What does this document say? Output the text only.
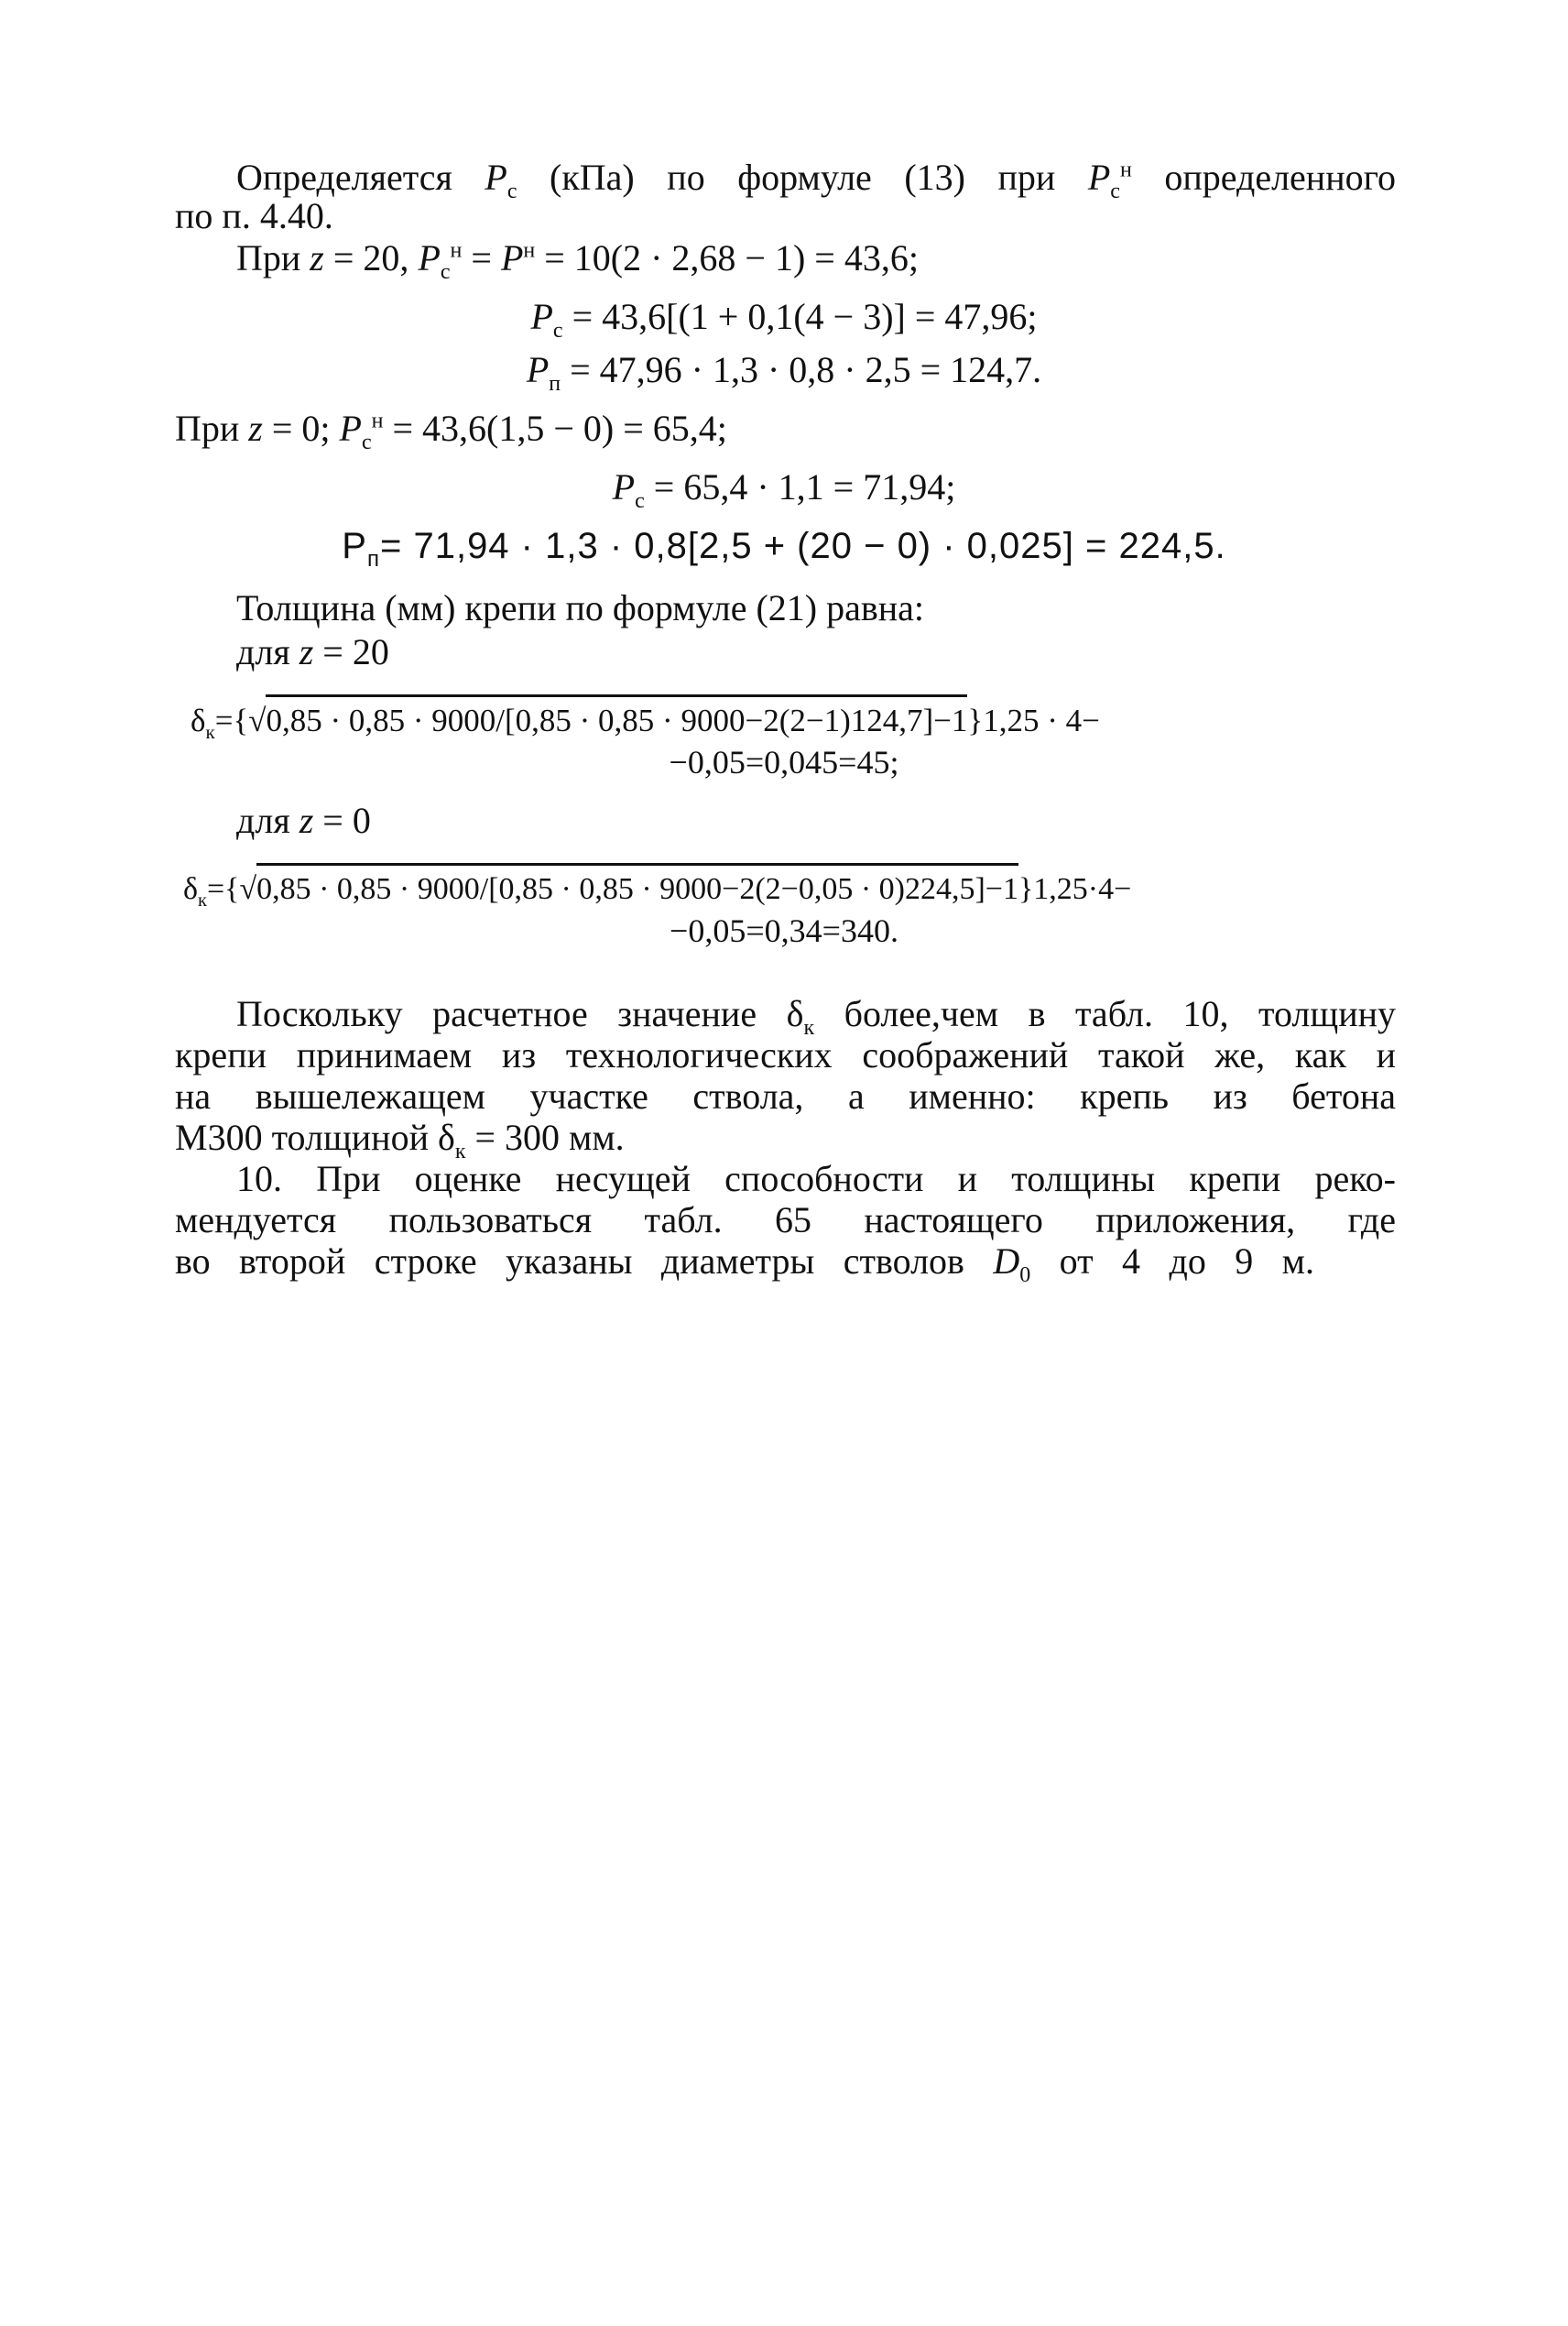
Определяется $P_c$ (кПа) по формуле (13) при $P_c^н$ определенного
по п. 4.40.
При z = 20, $P_c^н = P^н = 10(2 \cdot 2,68 - 1) = 43,6$;
$P_c = 43,6[(1 + 0,1(4 - 3)] = 47,96$;
$P_п = 47,96 \cdot 1,3 \cdot 0,8 \cdot 2,5 = 124,7$.
При z = 0; $P_c^н = 43,6(1,5 - 0) = 65,4$;
$P_c = 65,4 \cdot 1,1 = 71,94$;
$P_п= 71,94 \cdot 1,3 \cdot 0,8[2,5 + (20 - 0) \cdot 0,025] = 224,5$.
Толщина (мм) крепи по формуле (21) равна:
для z = 20
$\delta_к=\{√0,85 \cdot 0,85 \cdot 9000/[0,85 \cdot 0,85 \cdot 9000-2(2-1)124,7]-1\}1,25 \cdot 4-$
−0,05=0,045=45;
для z = 0
$\delta_к=\{√0,85 \cdot 0,85 \cdot 9000/[0,85 \cdot 0,85 \cdot 9000-2(2-0,05 \cdot 0)224,5]-1\}1,25\cdot 4-$
−0,05=0,34=340.
Поскольку расчетное значение $\delta_к$ более,чем в табл. 10, толщину
крепи принимаем из технологических соображений такой же, как и
на вышележащем участке ствола, а именно: крепь из бетона
М300 толщиной $\delta_к = 300$ мм.
10. При оценке несущей способности и толщины крепи реко-
мендуется пользоваться табл. 65 настоящего приложения, где
во второй строке указаны диаметры стволов $D_0$ от 4 до 9 м.
